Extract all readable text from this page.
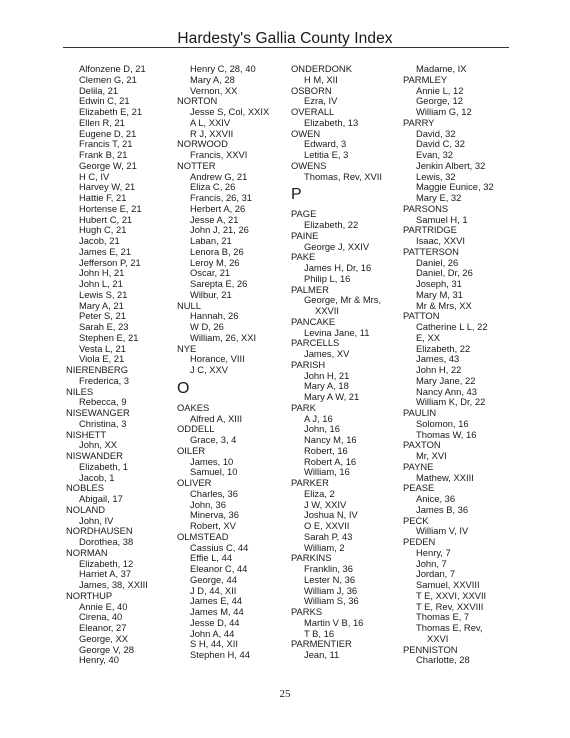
Hardesty's Gallia County Index
Alfonzene D, 21
Clemen G, 21
Delila, 21
Edwin C, 21
Elizabeth E, 21
Ellen R, 21
Eugene D, 21
Francis T, 21
Frank B, 21
George W, 21
H C, IV
Harvey W, 21
Hattie F, 21
Hortense E, 21
Hubert C, 21
Hugh C, 21
Jacob, 21
James E, 21
Jefferson P, 21
John H, 21
John L, 21
Lewis S, 21
Mary A, 21
Peter S, 21
Sarah E, 23
Stephen E, 21
Vesta L, 21
Viola E, 21
NIERENBERG
Frederica, 3
NILES
Rebecca, 9
NISEWANGER
Christina, 3
NISHETT
John, XX
NISWANDER
Elizabeth, 1
Jacob, 1
NOBLES
Abigail, 17
NOLAND
John, IV
NORDHAUSEN
Dorothea, 38
NORMAN
Elizabeth, 12
Harriet A, 37
James, 38, XXIII
NORTHUP
Annie E, 40
Cirena, 40
Eleanor, 27
George, XX
George V, 28
Henry, 40
Henry C, 28, 40
Mary A, 28
Vernon, XX
NORTON
Jesse S, Col, XXIX
A L, XXIV
R J, XXVII
NORWOOD
Francis, XXVI
NOTTER
Andrew G, 21
Eliza C, 26
Francis, 26, 31
Herbert A, 26
Jesse A, 21
John J, 21, 26
Laban, 21
Lenora B, 26
Leroy M, 26
Oscar, 21
Sarepta E, 26
Wilbur, 21
NULL
Hannah, 26
W D, 26
William, 26, XXI
NYE
Horance, VIII
J C, XXV
O
OAKES
Alfred A, XIII
ODDELL
Grace, 3, 4
OILER
James, 10
Samuel, 10
OLIVER
Charles, 36
John, 36
Minerva, 36
Robert, XV
OLMSTEAD
Cassius C, 44
Effie L, 44
Eleanor C, 44
George, 44
J D, 44, XII
James E, 44
James M, 44
Jesse D, 44
John A, 44
S H, 44, XII
Stephen H, 44
ONDERDONK
H M, XII
OSBORN
Ezra, IV
OVERALL
Elizabeth, 13
OWEN
Edward, 3
Letitia E, 3
OWENS
Thomas, Rev, XVII
P
PAGE
Elizabeth, 22
PAINE
George J, XXIV
PAKE
James H, Dr, 16
Philip L, 16
PALMER
George, Mr & Mrs,
XXVII
PANCAKE
Levina Jane, 11
PARCELLS
James, XV
PARISH
John H, 21
Mary A, 18
Mary A W, 21
PARK
A J, 16
John, 16
Nancy M, 16
Robert, 16
Robert A, 16
William, 16
PARKER
Eliza, 2
J W, XXIV
Joshua N, IV
O E, XXVII
Sarah P, 43
William, 2
PARKINS
Franklin, 36
Lester N, 36
William J, 36
William S, 36
PARKS
Martin V B, 16
T B, 16
PARMENTIER
Jean, 11
Madame, IX
PARMLEY
Annie L, 12
George, 12
William G, 12
PARRY
David, 32
David C, 32
Evan, 32
Jenkin Albert, 32
Lewis, 32
Maggie Eunice, 32
Mary E, 32
PARSONS
Samuel H, 1
PARTRIDGE
Isaac, XXVI
PATTERSON
Daniel, 26
Daniel, Dr, 26
Joseph, 31
Mary M, 31
Mr & Mrs, XX
PATTON
Catherine L L, 22
E, XX
Elizabeth, 22
James, 43
John H, 22
Mary Jane, 22
Nancy Ann, 43
William K, Dr, 22
PAULIN
Solomon, 16
Thomas W, 16
PAXTON
Mr, XVI
PAYNE
Mathew, XXIII
PEASE
Anice, 36
James B, 36
PECK
William V, IV
PEDEN
Henry, 7
John, 7
Jordan, 7
Samuel, XXVIII
T E, XXVI, XXVII
T E, Rev, XXVIII
Thomas E, 7
Thomas E, Rev,
XXVI
PENNISTON
Charlotte, 28
25
